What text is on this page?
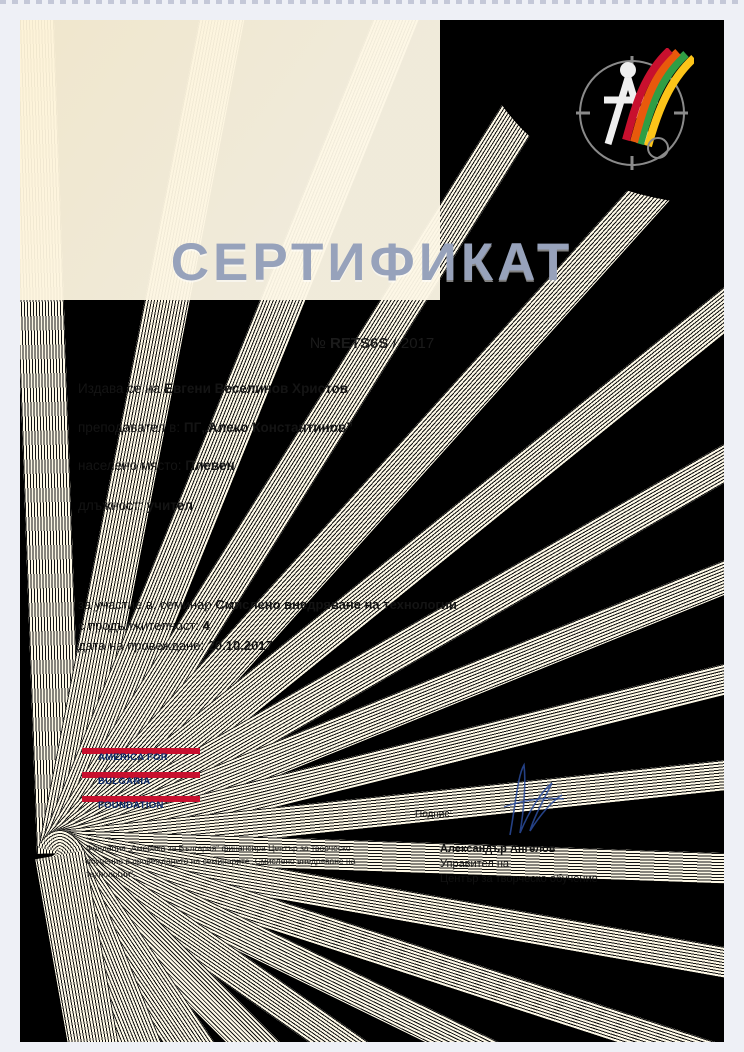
СЕРТИФИКАТ
№ RETS6S / 2017
Издава се на Евгени Веселинов Христов
преподавател в: ПГ„Алеко Константинов”
населено място: Плевен
длъжност: учител
за участие в: семинар Смислено внедряване на технологии
с продължителност: 4
дата на провеждане: 20.10.2017
AMERICA FOR
BULGARIA
FOUNDATION
Фондация „Америка за България“ финансира Център за творческо обучение в провеждането на семинарите „Смислено внедряване на технологии“.
Подпис:
Александър Ангелов
Управител на
Център за творческо обучение
